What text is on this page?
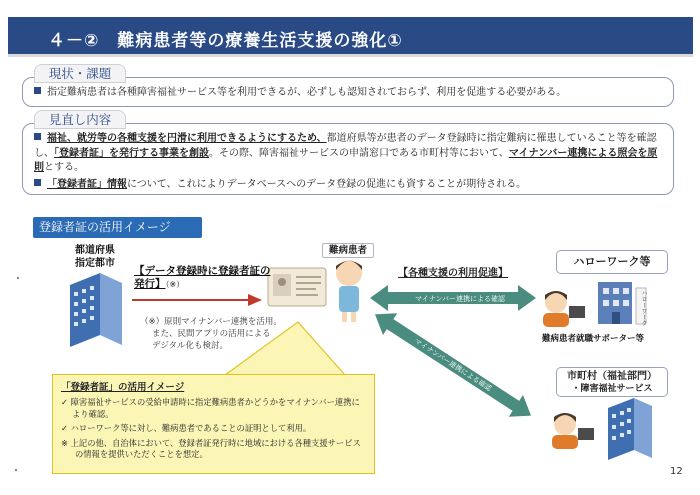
４－②　難病患者等の療養生活支援の強化①
現状・課題
指定難病患者は各種障害福祉サービス等を利用できるが、必ずしも認知されておらず、利用を促進する必要がある。
見直し内容
福祉、就労等の各種支援を円滑に利用できるようにするため、都道府県等が患者のデータ登録時に指定難病に罹患していること等を確認し、「登録者証」を発行する事業を創設。その際、障害福祉サービスの申請窓口である市町村等において、マイナンバー連携による照会を原則とする。
「登録者証」情報について、これによりデータベースへのデータ登録の促進にも資することが期待される。
登録者証の活用イメージ
都道府県
指定都市
【データ登録時に登録者証の
発行】（※）
（※）原則マイナンバー連携を活用。
また、民間アプリの活用による
デジタル化も検討。
難病患者
【各種支援の利用促進】
マイナンバー連携による確認
マイナンバー連携による確認
ハローワーク等
ハローワーク
難病患者就職サポーター等
市町村（福祉部門）
・障害福祉サービス
「登録者証」の活用イメージ
✓ 障害福祉サービスの受給申請時に指定難病患者かどうかをマイナンバー連携により確認。
✓ ハローワーク等に対し、難病患者であることの証明として利用。
※ 上記の他、自治体において、登録者証発行時に地域における各種支援サービスの情報を提供いただくことを想定。
12
